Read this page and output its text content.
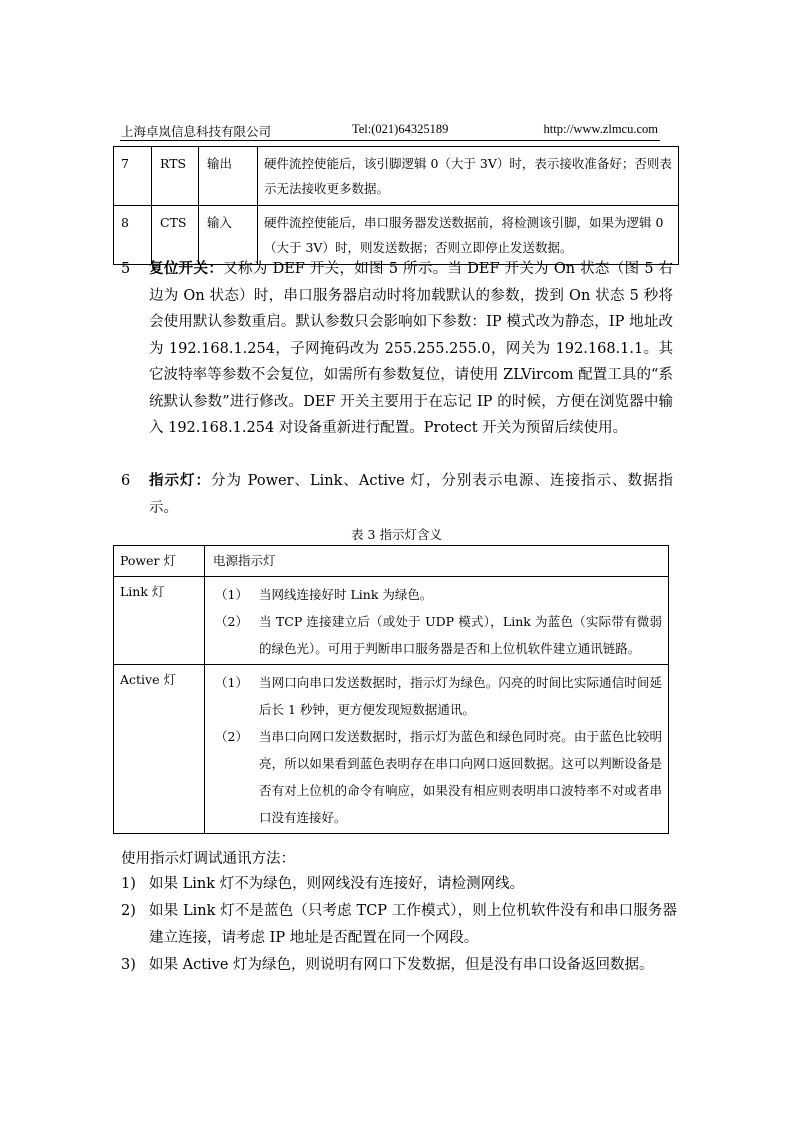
上海卓岚信息科技有限公司	Tel:(021)64325189	http://www.zlmcu.com
7	RTS	输出	硬件流控使能后，该引脚逻辑 0（大于 3V）时，表示接收准备好；否则表示无法接收更多数据。
8	CTS	输入	硬件流控使能后，串口服务器发送数据前，将检测该引脚，如果为逻辑 0（大于 3V）时，则发送数据；否则立即停止发送数据。
5 复位开关：又称为 DEF 开关，如图 5 所示。当 DEF 开关为 On 状态（图 5 右边为 On 状态）时，串口服务器启动时将加载默认的参数，拨到 On 状态 5 秒将会使用默认参数重启。默认参数只会影响如下参数：IP 模式改为静态，IP 地址改为 192.168.1.254，子网掩码改为 255.255.255.0，网关为 192.168.1.1。其它波特率等参数不会复位，如需所有参数复位，请使用 ZLVircom 配置工具的“系统默认参数”进行修改。DEF 开关主要用于在忘记 IP 的时候，方便在浏览器中输入 192.168.1.254 对设备重新进行配置。Protect 开关为预留后续使用。
6 指示灯：分为 Power、Link、Active 灯，分别表示电源、连接指示、数据指示。
表 3 指示灯含义
Power 灯	电源指示灯
Link 灯	（1） 当网线连接好时 Link 为绿色。
（2） 当 TCP 连接建立后（或处于 UDP 模式），Link 为蓝色（实际带有微弱的绿色光）。可用于判断串口服务器是否和上位机软件建立通讯链路。

Active 灯	（1） 当网口向串口发送数据时，指示灯为绿色。闪亮的时间比实际通信时间延后长 1 秒钟，更方便发现短数据通讯。
（2） 当串口向网口发送数据时，指示灯为蓝色和绿色同时亮。由于蓝色比较明亮，所以如果看到蓝色表明存在串口向网口返回数据。这可以判断设备是否有对上位机的命令有响应，如果没有相应则表明串口波特率不对或者串口没有连接好。
使用指示灯调试通讯方法：
1) 如果 Link 灯不为绿色，则网线没有连接好，请检测网线。
2) 如果 Link 灯不是蓝色（只考虑 TCP 工作模式），则上位机软件没有和串口服务器建立连接，请考虑 IP 地址是否配置在同一个网段。
3) 如果 Active 灯为绿色，则说明有网口下发数据，但是没有串口设备返回数据。
